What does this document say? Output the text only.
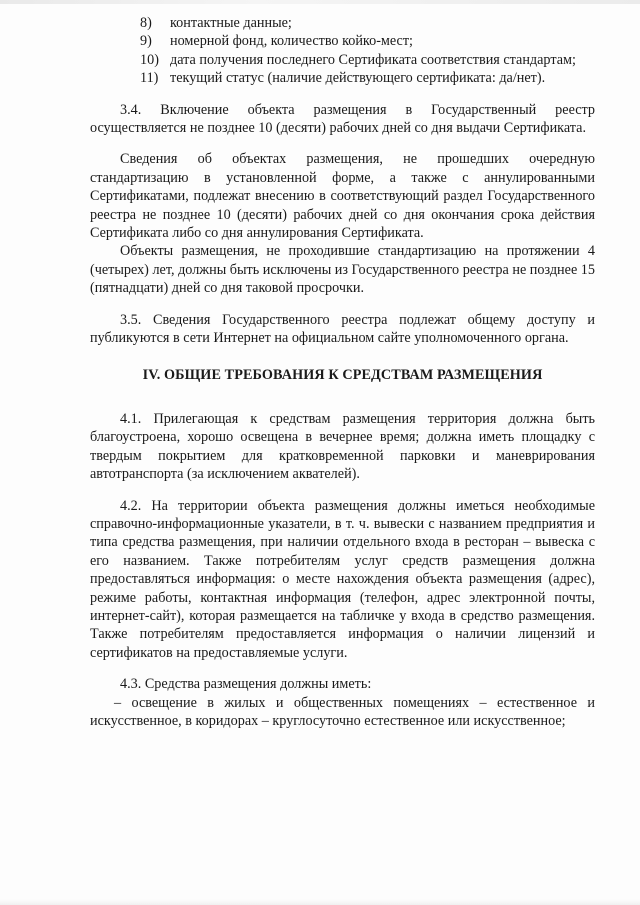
8)	контактные данные;
9)	номерной фонд, количество койко-мест;
10) дата получения последнего Сертификата соответствия стандартам;
11) текущий статус (наличие действующего сертификата: да/нет).

3.4. Включение объекта размещения в Государственный реестр осуществляется не позднее 10 (десяти) рабочих дней со дня выдачи Сертификата.

Сведения об объектах размещения, не прошедших очередную стандартизацию в установленной форме, а также с аннулированными Сертификатами, подлежат внесению в соответствующий раздел Государственного реестра не позднее 10 (десяти) рабочих дней со дня окончания срока действия Сертификата либо со дня аннулирования Сертификата.

Объекты размещения, не проходившие стандартизацию на протяжении 4 (четырех) лет, должны быть исключены из Государственного реестра не позднее 15 (пятнадцати) дней со дня таковой просрочки.

3.5. Сведения Государственного реестра подлежат общему доступу и публикуются в сети Интернет на официальном сайте уполномоченного органа.

IV. ОБЩИЕ ТРЕБОВАНИЯ К СРЕДСТВАМ РАЗМЕЩЕНИЯ

4.1. Прилегающая к средствам размещения территория должна быть благоустроена, хорошо освещена в вечернее время; должна иметь площадку с твердым покрытием для кратковременной парковки и маневрирования автотранспорта (за исключением акватeлей).

4.2. На территории объекта размещения должны иметься необходимые справочно-информационные указатели, в т. ч. вывески с названием предприятия и типа средства размещения, при наличии отдельного входа в ресторан – вывеска с его названием. Также потребителям услуг средств размещения должна предоставляться информация: о месте нахождения объекта размещения (адрес), режиме работы, контактная информация (телефон, адрес электронной почты, интернет-сайт), которая размещается на табличке у входа в средство размещения. Также потребителям предоставляется информация о наличии лицензий и сертификатов на предоставляемые услуги.

4.3. Средства размещения должны иметь:

– освещение в жилых и общественных помещениях – естественное и искусственное, в коридорах – круглосуточно естественное или искусственное;
